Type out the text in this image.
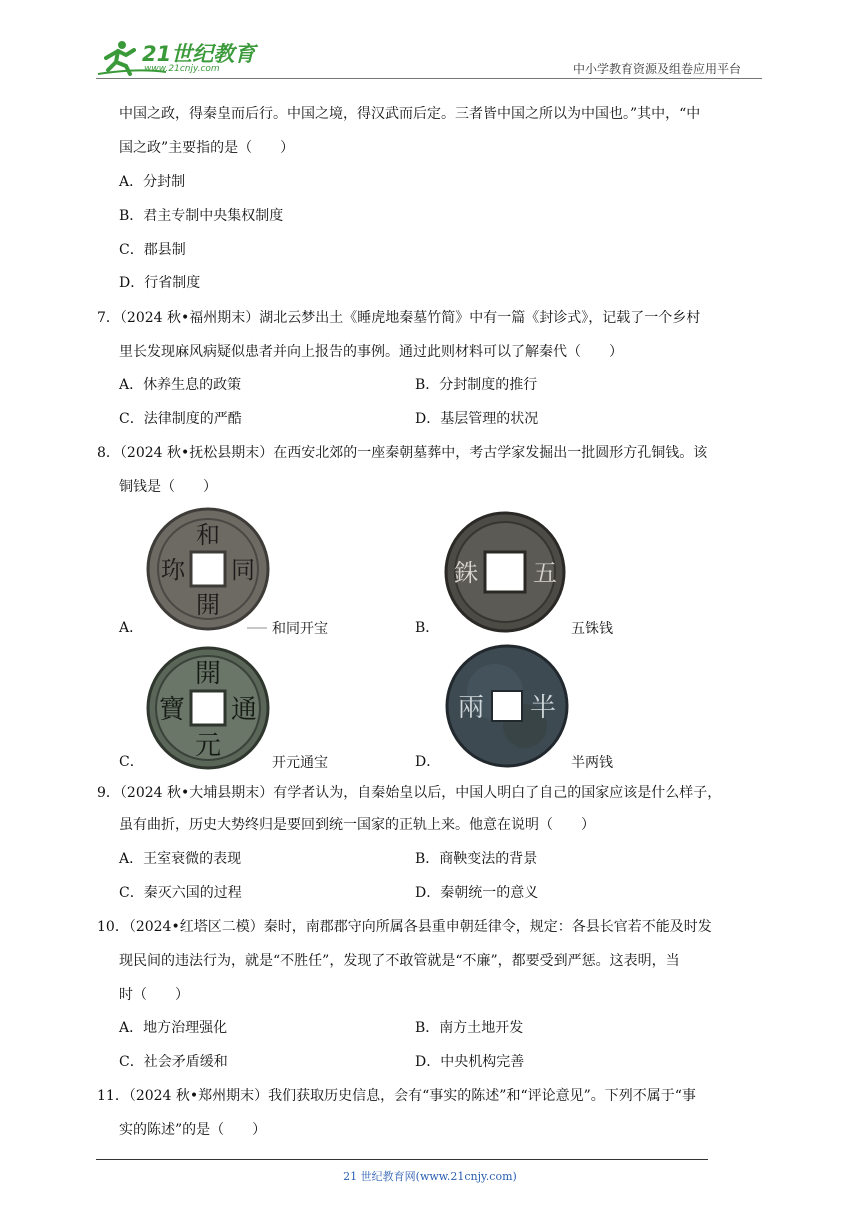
21世纪教育
www.21cnjy.com	中小学教育资源及组卷应用平台
中国之政，得秦皇而后行。中国之境，得汉武而后定。三者皆中国之所以为中国也。”其中，“中
国之政”主要指的是（　　）
A．分封制
B．君主专制中央集权制度
C．郡县制
D．行省制度
7．（2024 秋•福州期末）湖北云梦出土《睡虎地秦墓竹简》中有一篇《封诊式》，记载了一个乡村
里长发现麻风病疑似患者并向上报告的事例。通过此则材料可以了解秦代（　　）
A．休养生息的政策	B．分封制度的推行
C．法律制度的严酷	D．基层管理的状况
8．（2024 秋•抚松县期末）在西安北郊的一座秦朝墓葬中，考古学家发掘出一批圆形方孔铜钱。该
铜钱是（　　）
A．
和
同
開
珎
和同开宝	B．
五
銖
五铢钱
C．
開
通
元
寶
开元通宝	D．
半
兩
半两钱
9．（2024 秋•大埔县期末）有学者认为，自秦始皇以后，中国人明白了自己的国家应该是什么样子，
虽有曲折，历史大势终归是要回到统一国家的正轨上来。他意在说明（　　）
A．王室衰微的表现	B．商鞅变法的背景
C．秦灭六国的过程	D．秦朝统一的意义
10．（2024•红塔区二模）秦时，南郡郡守向所属各县重申朝廷律令，规定：各县长官若不能及时发
现民间的违法行为，就是“不胜任”，发现了不敢管就是“不廉”，都要受到严惩。这表明，当
时（　　）
A．地方治理强化	B．南方土地开发
C．社会矛盾缓和	D．中央机构完善
11．（2024 秋•郑州期末）我们获取历史信息，会有“事实的陈述”和“评论意见”。下列不属于“事
实的陈述”的是（　　）
21 世纪教育网(www.21cnjy.com)
